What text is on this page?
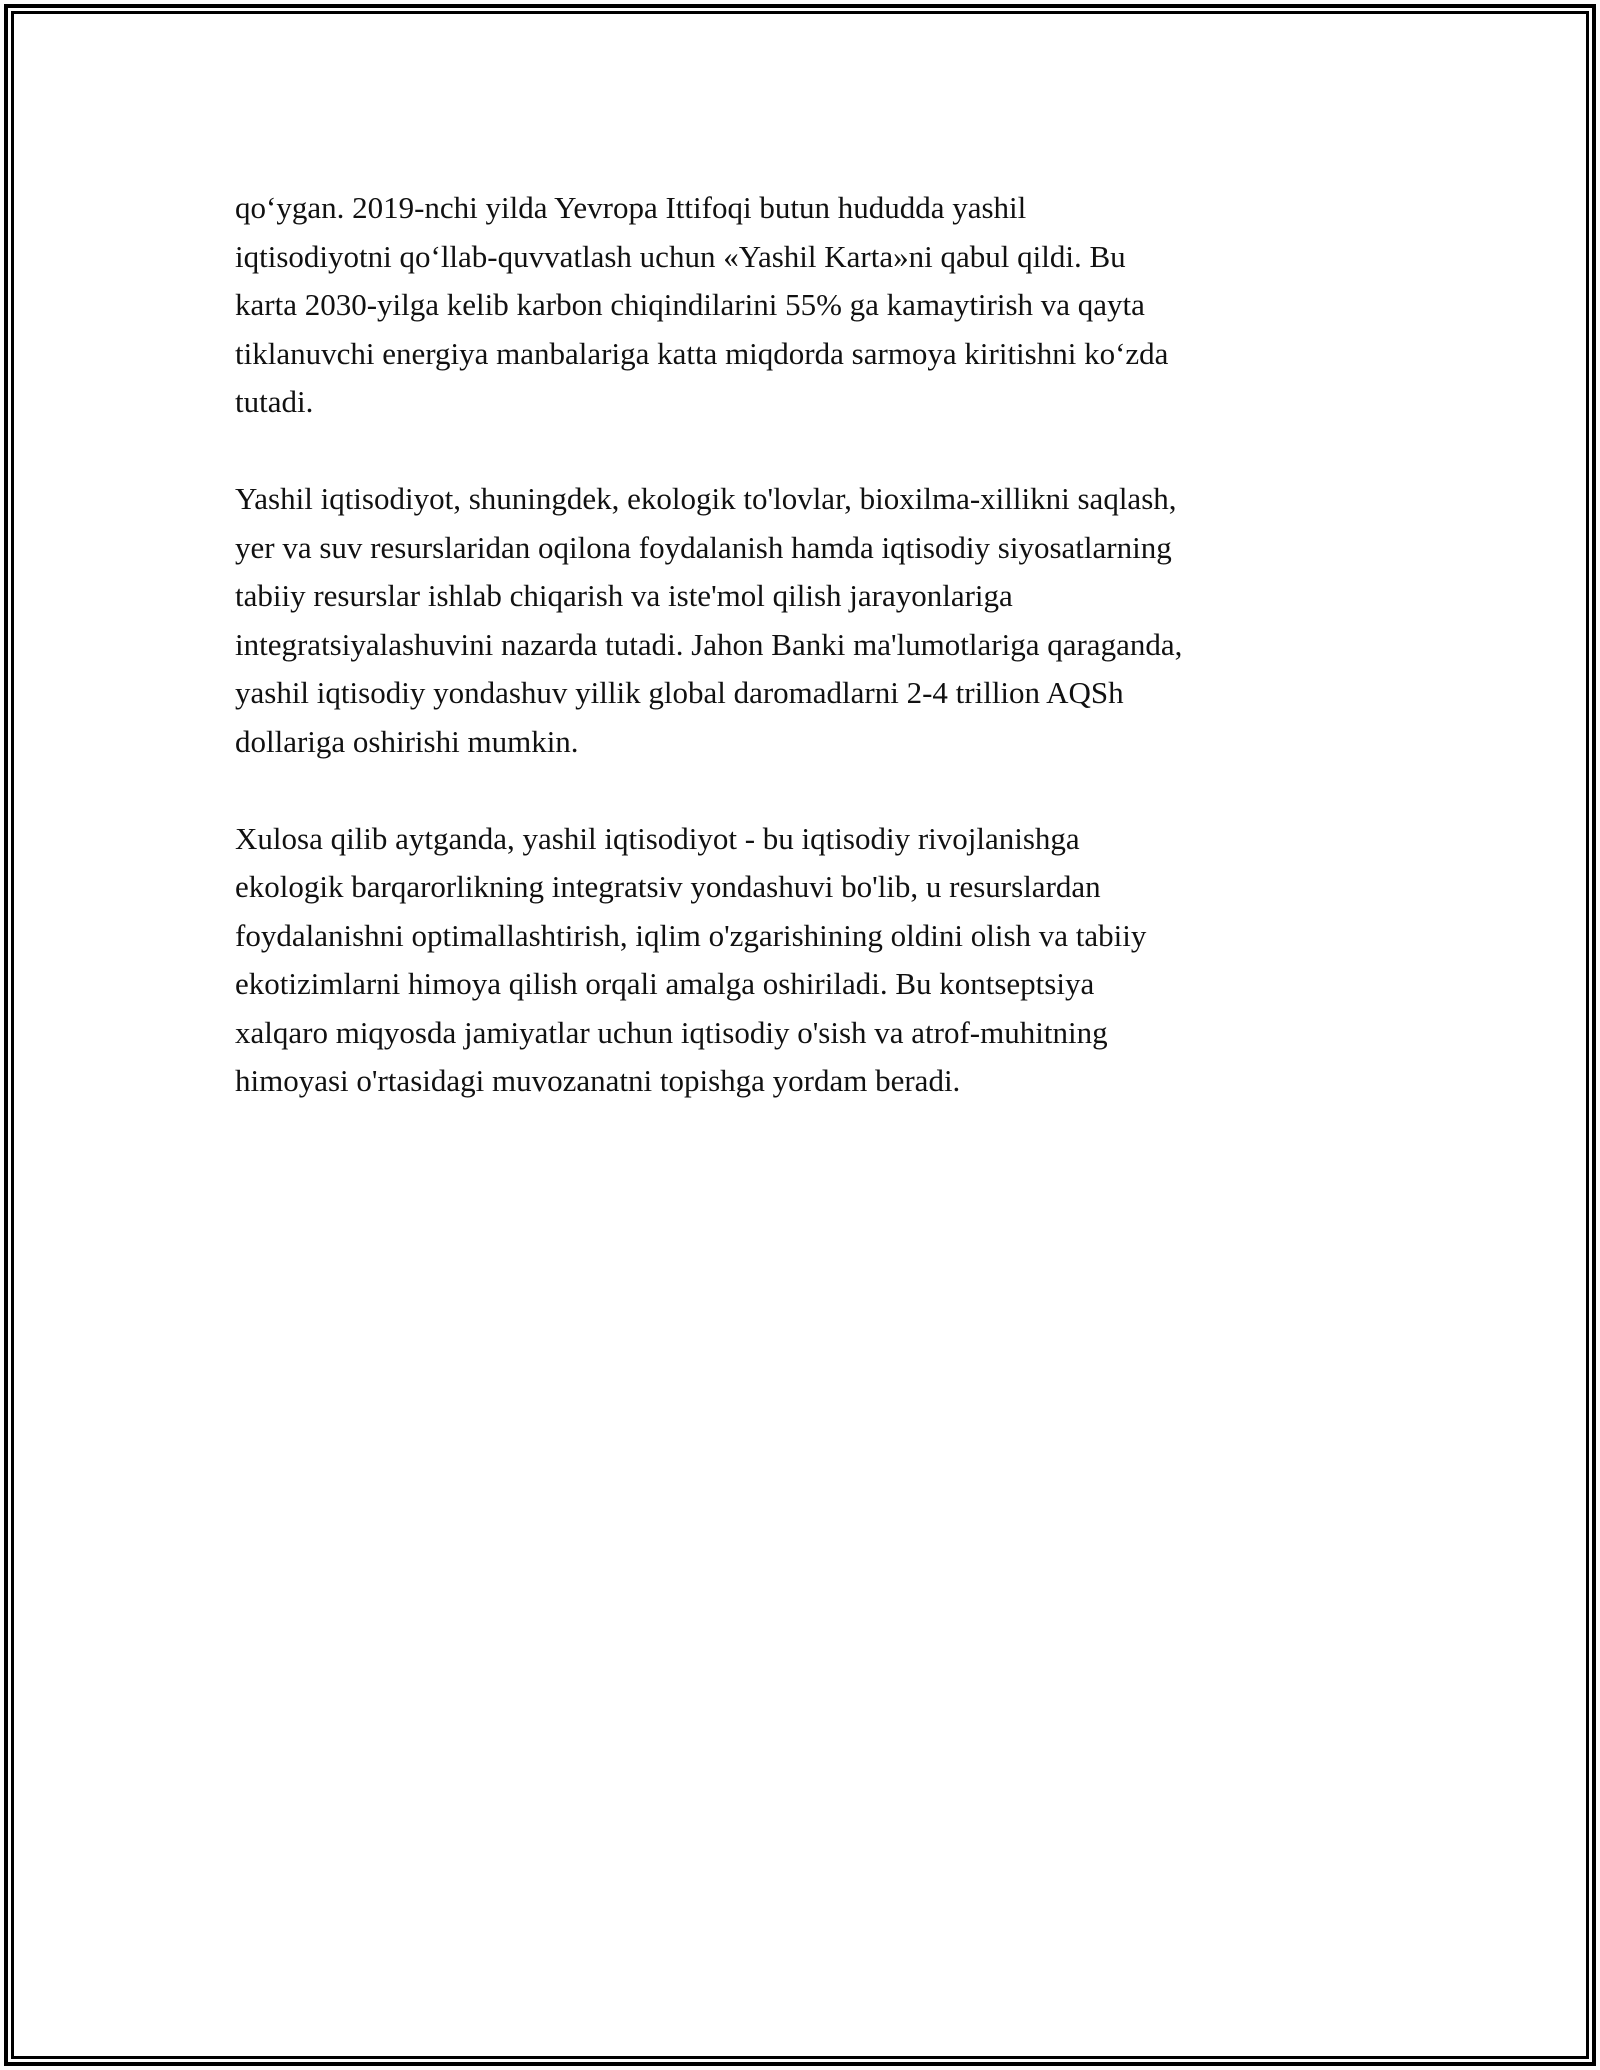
qo‘ygan. 2019-nchi yilda Yevropa Ittifoqi butun hududda yashil
iqtisodiyotni qo‘llab-quvvatlash uchun «Yashil Karta»ni qabul qildi. Bu
karta 2030-yilga kelib karbon chiqindilarini 55% ga kamaytirish va qayta
tiklanuvchi energiya manbalariga katta miqdorda sarmoya kiritishni ko‘zda
tutadi.

Yashil iqtisodiyot, shuningdek, ekologik to'lovlar, bioxilma-xillikni saqlash,
yer va suv resurslaridan oqilona foydalanish hamda iqtisodiy siyosatlarning
tabiiy resurslar ishlab chiqarish va iste'mol qilish jarayonlariga
integratsiyalashuvini nazarda tutadi. Jahon Banki ma'lumotlariga qaraganda,
yashil iqtisodiy yondashuv yillik global daromadlarni 2-4 trillion AQSh
dollariga oshirishi mumkin.

Xulosa qilib aytganda, yashil iqtisodiyot - bu iqtisodiy rivojlanishga
ekologik barqarorlikning integratsiv yondashuvi bo'lib, u resurslardan
foydalanishni optimallashtirish, iqlim o'zgarishining oldini olish va tabiiy
ekotizimlarni himoya qilish orqali amalga oshiriladi. Bu kontseptsiya
xalqaro miqyosda jamiyatlar uchun iqtisodiy o'sish va atrof-muhitning
himoyasi o'rtasidagi muvozanatni topishga yordam beradi.
